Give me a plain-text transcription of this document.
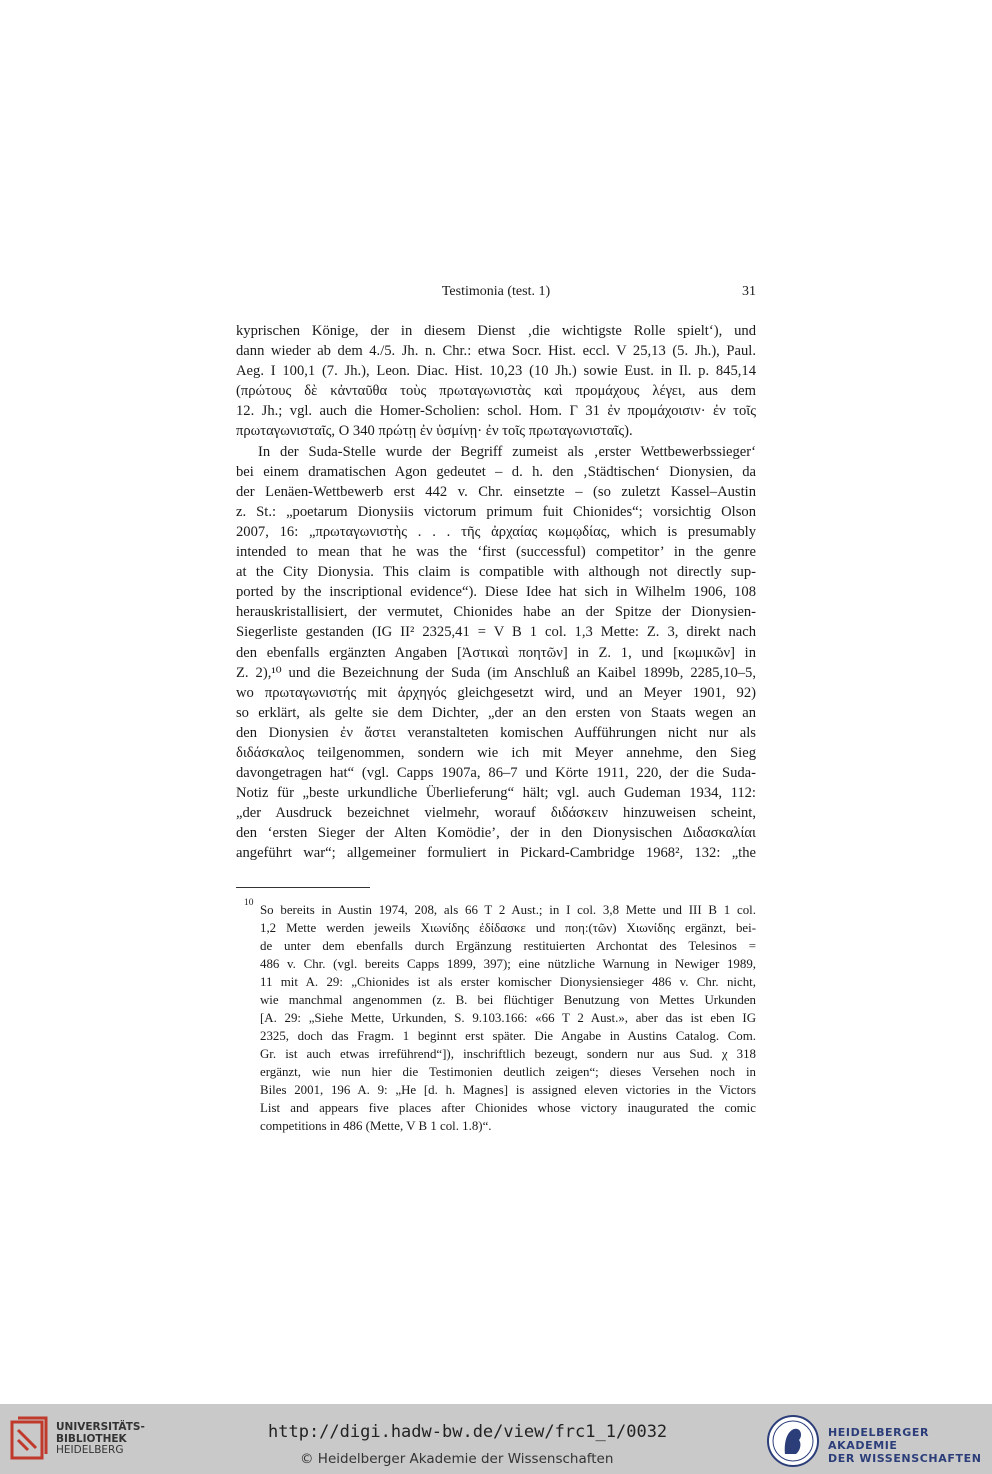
Testimonia (test. 1)	31
kyprischen Könige, der in diesem Dienst ‚die wichtigste Rolle spielt‘), und
dann wieder ab dem 4./5. Jh. n. Chr.: etwa Socr. Hist. eccl. V 25,13 (5. Jh.), Paul.
Aeg. I 100,1 (7. Jh.), Leon. Diac. Hist. 10,23 (10 Jh.) sowie Eust. in Il. p. 845,14
(πρώτους δὲ κἀνταῦθα τοὺς πρωταγωνιστὰς καὶ προμάχους λέγει, aus dem
12. Jh.; vgl. auch die Homer-Scholien: schol. Hom. Γ 31 ἐν προμάχοισιν· ἐν τοῖς
πρωταγωνισταῖς, Ο 340 πρώτῃ ἐν ὑσμίνῃ· ἐν τοῖς πρωταγωνισταῖς).
In der Suda-Stelle wurde der Begriff zumeist als ‚erster Wettbewerbssieger‘
bei einem dramatischen Agon gedeutet – d. h. den ‚Städtischen‘ Dionysien, da
der Lenäen-Wettbewerb erst 442 v. Chr. einsetzte – (so zuletzt Kassel–Austin
z. St.: „poetarum Dionysiis victorum primum fuit Chionides“; vorsichtig Olson
2007, 16: „πρωταγωνιστὴς . . . τῆς ἀρχαίας κωμῳδίας, which is presumably
intended to mean that he was the ‘first (successful) competitor’ in the genre
at the City Dionysia. This claim is compatible with although not directly sup-
ported by the inscriptional evidence“). Diese Idee hat sich in Wilhelm 1906, 108
herauskristallisiert, der vermutet, Chionides habe an der Spitze der Dionysien-
Siegerliste gestanden (IG II² 2325,41 = V B 1 col. 1,3 Mette: Z. 3, direkt nach
den ebenfalls ergänzten Angaben [Ἀστικαὶ ποητῶν] in Z. 1, und [κωμικῶν] in
Z. 2),¹⁰ und die Bezeichnung der Suda (im Anschluß an Kaibel 1899b, 2285,10–5,
wo πρωταγωνιστής mit ἀρχηγός gleichgesetzt wird, und an Meyer 1901, 92)
so erklärt, als gelte sie dem Dichter, „der an den ersten von Staats wegen an
den Dionysien ἐν ἄστει veranstalteten komischen Aufführungen nicht nur als
διδάσκαλος teilgenommen, sondern wie ich mit Meyer annehme, den Sieg
davongetragen hat“ (vgl. Capps 1907a, 86–7 und Körte 1911, 220, der die Suda-
Notiz für „beste urkundliche Überlieferung“ hält; vgl. auch Gudeman 1934, 112:
„der Ausdruck bezeichnet vielmehr, worauf διδάσκειν hinzuweisen scheint,
den ‘ersten Sieger der Alten Komödie’, der in den Dionysischen Διδασκαλίαι
angeführt war“; allgemeiner formuliert in Pickard-Cambridge 1968², 132: „the
10 So bereits in Austin 1974, 208, als 66 T 2 Aust.; in I col. 3,8 Mette und III B 1 col.
1,2 Mette werden jeweils Χιωνίδης ἐδίδασκε und ποη:(τῶν) Χιωνίδης ergänzt, bei-
de unter dem ebenfalls durch Ergänzung restituierten Archontat des Telesinos =
486 v. Chr. (vgl. bereits Capps 1899, 397); eine nützliche Warnung in Newiger 1989,
11 mit A. 29: „Chionides ist als erster komischer Dionysiensieger 486 v. Chr. nicht,
wie manchmal angenommen (z. B. bei flüchtiger Benutzung von Mettes Urkunden
[A. 29: „Siehe Mette, Urkunden, S. 9.103.166: «66 T 2 Aust.», aber das ist eben IG
2325, doch das Fragm. 1 beginnt erst später. Die Angabe in Austins Catalog. Com.
Gr. ist auch etwas irreführend“]), inschriftlich bezeugt, sondern nur aus Sud. χ 318
ergänzt, wie nun hier die Testimonien deutlich zeigen“; dieses Versehen noch in
Biles 2001, 196 A. 9: „He [d. h. Magnes] is assigned eleven victories in the Victors
List and appears five places after Chionides whose victory inaugurated the comic
competitions in 486 (Mette, V B 1 col. 1.8)“.
UNIVERSITÄTS-
BIBLIOTHEK
HEIDELBERG
http://digi.hadw-bw.de/view/frc1_1/0032
© Heidelberger Akademie der Wissenschaften
HEIDELBERGER AKADEMIE
DER WISSENSCHAFTEN
